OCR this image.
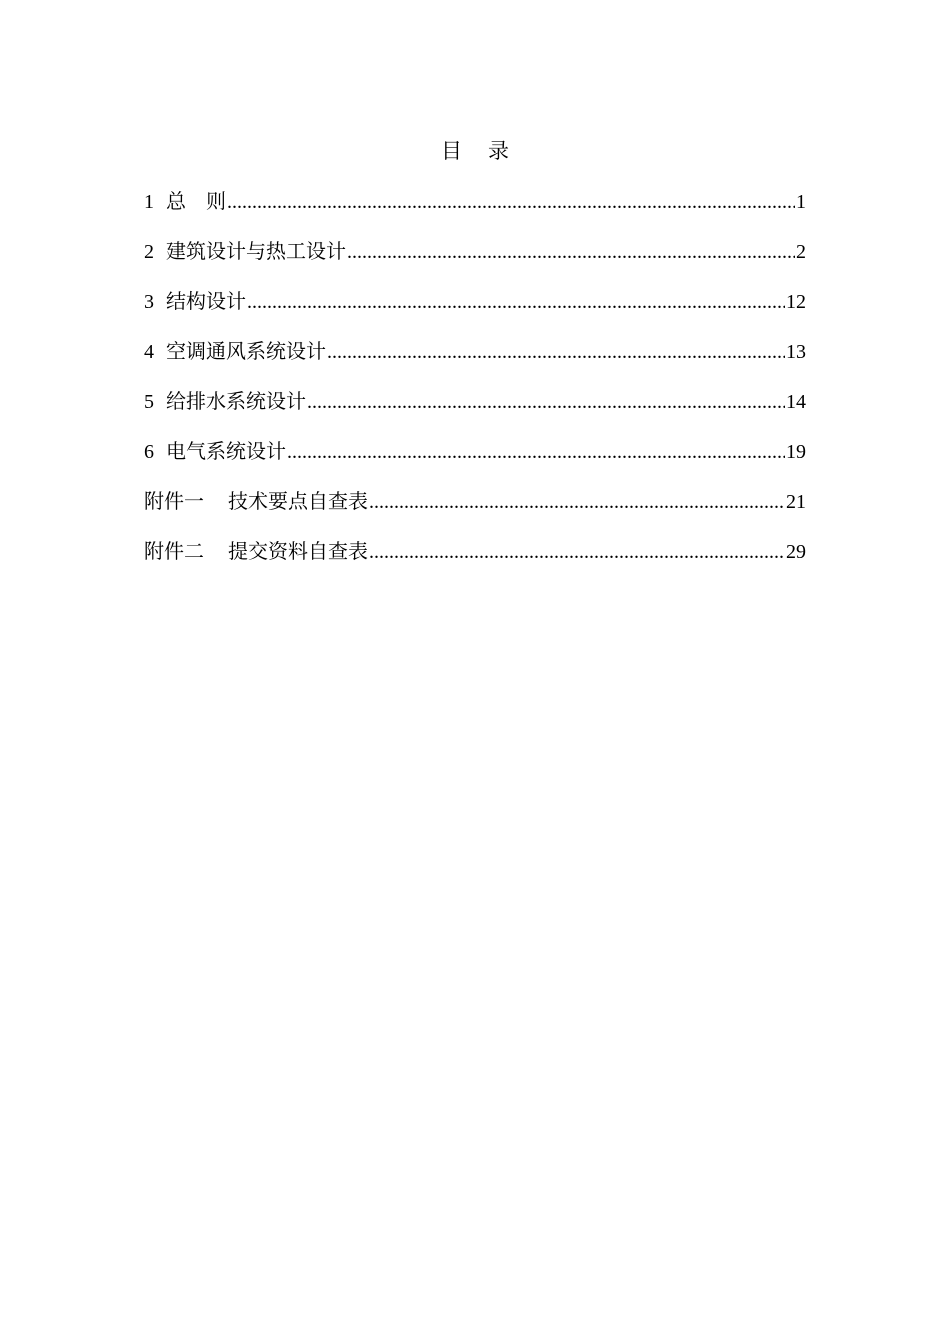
目 录
1 总　则 .....	1
2 建筑设计与热工设计 .....	2
3 结构设计 .....	12
4 空调通风系统设计 .....	13
5 给排水系统设计 .....	14
6 电气系统设计 .....	19
附件一 技术要点自查表 .....	21
附件二 提交资料自查表 .....	29
